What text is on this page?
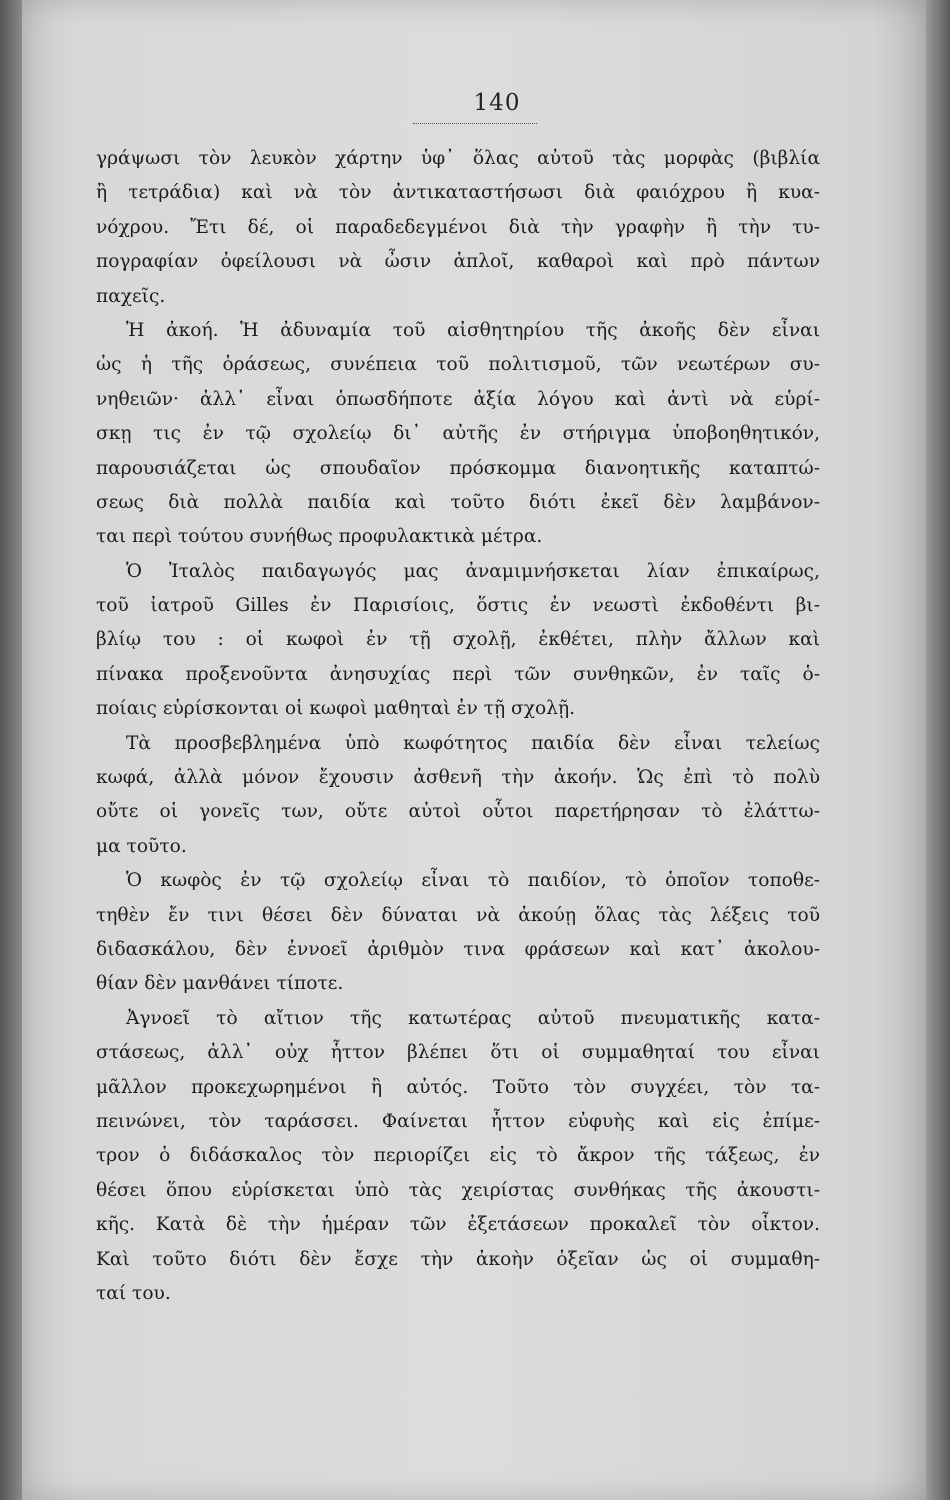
140
γράψωσι τὸν λευκὸν χάρτην ὑφ᾽ ὅλας αὐτοῦ τὰς μορφὰς (βιβλία
ἢ τετράδια) καὶ νὰ τὸν ἀντικαταστήσωσι διὰ φαιόχρου ἢ κυα-
νόχρου. Ἔτι δέ, οἱ παραδεδεγμένοι διὰ τὴν γραφὴν ἢ τὴν τυ-
πογραφίαν ὀφείλουσι νὰ ὦσιν ἁπλοῖ, καθαροὶ καὶ πρὸ πάντων
παχεῖς.
Ἡ ἀκοή. Ἡ ἀδυναμία τοῦ αἰσθητηρίου τῆς ἀκοῆς δὲν εἶναι
ὡς ἡ τῆς ὁράσεως, συνέπεια τοῦ πολιτισμοῦ, τῶν νεωτέρων συ-
νηθειῶν· ἀλλ᾽ εἶναι ὁπωσδήποτε ἀξία λόγου καὶ ἀντὶ νὰ εὑρί-
σκῃ τις ἐν τῷ σχολείῳ δι᾽ αὐτῆς ἐν στήριγμα ὑποβοηθητικόν,
παρουσιάζεται ὡς σπουδαῖον πρόσκομμα διανοητικῆς καταπτώ-
σεως διὰ πολλὰ παιδία καὶ τοῦτο διότι ἐκεῖ δὲν λαμβάνον-
ται περὶ τούτου συνήθως προφυλακτικὰ μέτρα.
Ὁ Ἰταλὸς παιδαγωγός μας ἀναμιμνήσκεται λίαν ἐπικαίρως,
τοῦ ἰατροῦ Gilles ἐν Παρισίοις, ὅστις ἐν νεωστὶ ἐκδοθέντι βι-
βλίῳ του : οἱ κωφοὶ ἐν τῇ σχολῇ, ἐκθέτει, πλὴν ἄλλων καὶ
πίνακα προξενοῦντα ἀνησυχίας περὶ τῶν συνθηκῶν, ἐν ταῖς ὁ-
ποίαις εὑρίσκονται οἱ κωφοὶ μαθηταὶ ἐν τῇ σχολῇ.
Τὰ προσβεβλημένα ὑπὸ κωφότητος παιδία δὲν εἶναι τελείως
κωφά, ἀλλὰ μόνον ἔχουσιν ἀσθενῆ τὴν ἀκοήν. Ὡς ἐπὶ τὸ πολὺ
οὔτε οἱ γονεῖς των, οὔτε αὐτοὶ οὗτοι παρετήρησαν τὸ ἐλάττω-
μα τοῦτο.
Ὁ κωφὸς ἐν τῷ σχολείῳ εἶναι τὸ παιδίον, τὸ ὁποῖον τοποθε-
τηθὲν ἔν τινι θέσει δὲν δύναται νὰ ἀκούῃ ὅλας τὰς λέξεις τοῦ
διδασκάλου, δὲν ἐννοεῖ ἀριθμὸν τινα φράσεων καὶ κατ᾽ ἀκολου-
θίαν δὲν μανθάνει τίποτε.
Ἀγνοεῖ τὸ αἴτιον τῆς κατωτέρας αὐτοῦ πνευματικῆς κατα-
στάσεως, ἀλλ᾽ οὐχ ἧττον βλέπει ὅτι οἱ συμμαθηταί του εἶναι
μᾶλλον προκεχωρημένοι ἢ αὐτός. Τοῦτο τὸν συγχέει, τὸν τα-
πεινώνει, τὸν ταράσσει. Φαίνεται ἧττον εὐφυὴς καὶ εἰς ἐπίμε-
τρον ὁ διδάσκαλος τὸν περιορίζει εἰς τὸ ἄκρον τῆς τάξεως, ἐν
θέσει ὅπου εὑρίσκεται ὑπὸ τὰς χειρίστας συνθήκας τῆς ἀκουστι-
κῆς. Κατὰ δὲ τὴν ἡμέραν τῶν ἐξετάσεων προκαλεῖ τὸν οἶκτον.
Καὶ τοῦτο διότι δὲν ἔσχε τὴν ἀκοὴν ὀξεῖαν ὡς οἱ συμμαθη-
ταί του.
